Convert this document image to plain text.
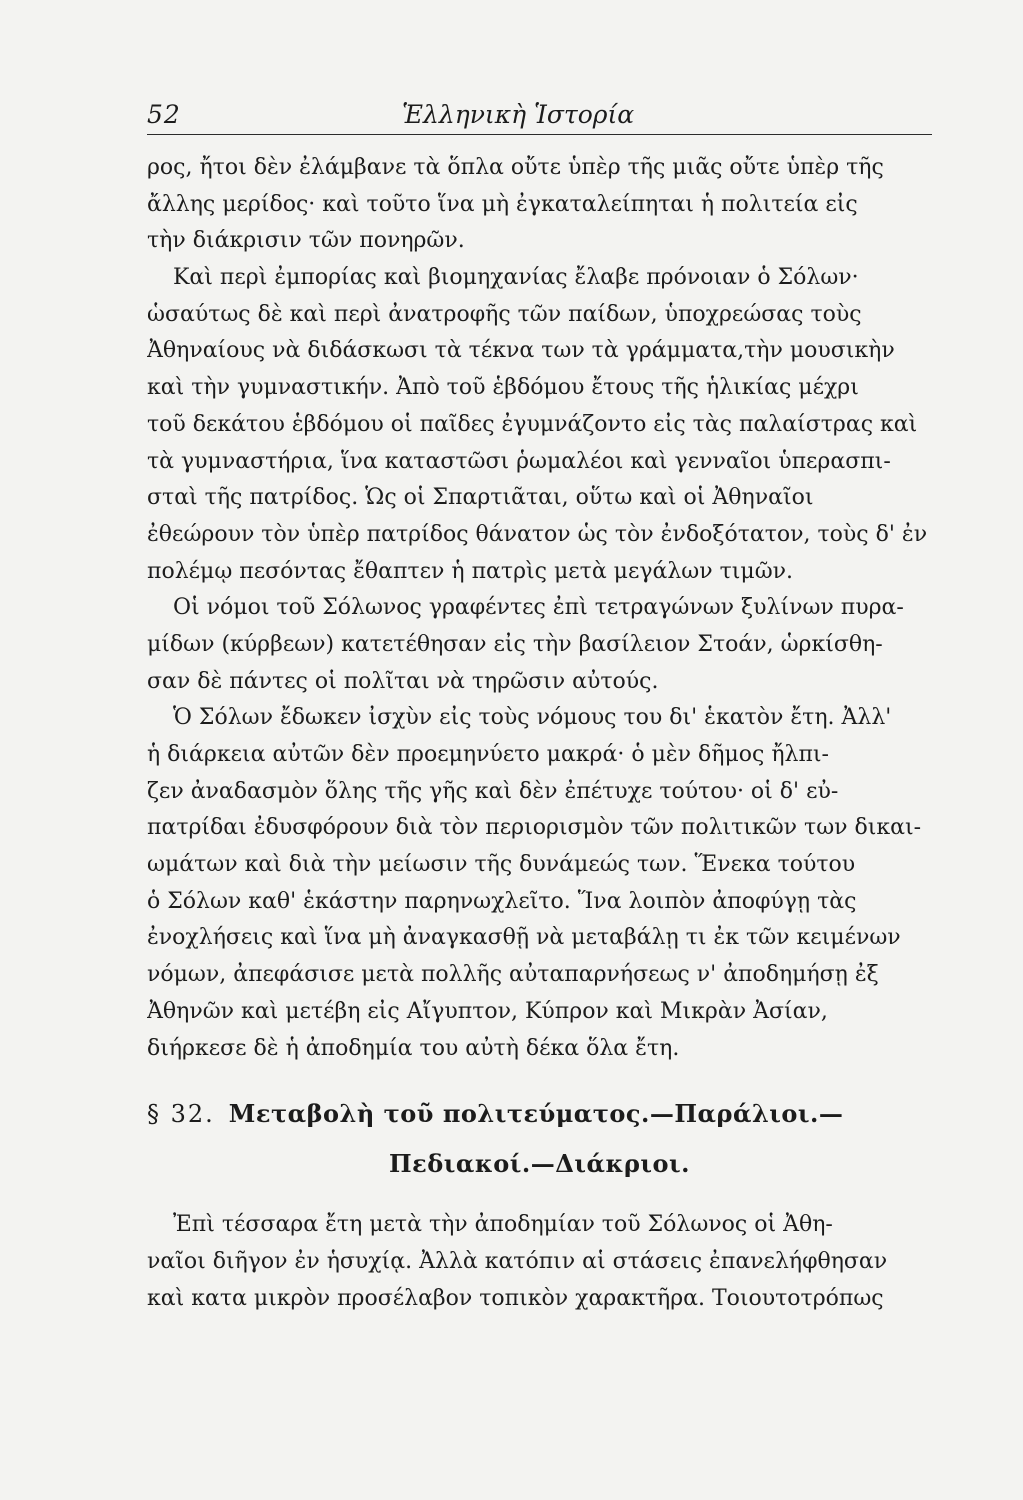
52	Ἑλληνικὴ Ἱστορία
ρος, ἤτοι δὲν ἐλάμβανε τὰ ὅπλα οὔτε ὑπὲρ τῆς μιᾶς οὔτε ὑπὲρ τῆς
ἄλλης μερίδος· καὶ τοῦτο ἵνα μὴ ἐγκαταλείπηται ἡ πολιτεία εἰς
τὴν διάκρισιν τῶν πονηρῶν.
Καὶ περὶ ἐμπορίας καὶ βιομηχανίας ἔλαβε πρόνοιαν ὁ Σόλων·
ὡσαύτως δὲ καὶ περὶ ἀνατροφῆς τῶν παίδων, ὑποχρεώσας τοὺς
Ἀθηναίους νὰ διδάσκωσι τὰ τέκνα των τὰ γράμματα,τὴν μουσικὴν
καὶ τὴν γυμναστικήν. Ἀπὸ τοῦ ἑβδόμου ἔτους τῆς ἡλικίας μέχρι
τοῦ δεκάτου ἑβδόμου οἱ παῖδες ἐγυμνάζοντο εἰς τὰς παλαίστρας καὶ
τὰ γυμναστήρια, ἵνα καταστῶσι ῥωμαλέοι καὶ γενναῖοι ὑπερασπι-
σταὶ τῆς πατρίδος. Ὡς οἱ Σπαρτιᾶται, οὕτω καὶ οἱ Ἀθηναῖοι
ἐθεώρουν τὸν ὑπὲρ πατρίδος θάνατον ὡς τὸν ἐνδοξότατον, τοὺς δ' ἐν
πολέμῳ πεσόντας ἔθαπτεν ἡ πατρὶς μετὰ μεγάλων τιμῶν.
Οἱ νόμοι τοῦ Σόλωνος γραφέντες ἐπὶ τετραγώνων ξυλίνων πυρα-
μίδων (κύρβεων) κατετέθησαν εἰς τὴν βασίλειον Στοάν, ὡρκίσθη-
σαν δὲ πάντες οἱ πολῖται νὰ τηρῶσιν αὐτούς.
Ὁ Σόλων ἔδωκεν ἰσχὺν εἰς τοὺς νόμους του δι' ἑκατὸν ἔτη. Ἀλλ'
ἡ διάρκεια αὐτῶν δὲν προεμηνύετο μακρά· ὁ μὲν δῆμος ἤλπι-
ζεν ἀναδασμὸν ὅλης τῆς γῆς καὶ δὲν ἐπέτυχε τούτου· οἱ δ' εὐ-
πατρίδαι ἐδυσφόρουν διὰ τὸν περιορισμὸν τῶν πολιτικῶν των δικαι-
ωμάτων καὶ διὰ τὴν μείωσιν τῆς δυνάμεώς των. Ἕνεκα τούτου
ὁ Σόλων καθ' ἑκάστην παρηνωχλεῖτο. Ἵνα λοιπὸν ἀποφύγῃ τὰς
ἐνοχλήσεις καὶ ἵνα μὴ ἀναγκασθῇ νὰ μεταβάλῃ τι ἐκ τῶν κειμένων
νόμων, ἀπεφάσισε μετὰ πολλῆς αὐταπαρνήσεως ν' ἀποδημήσῃ ἐξ
Ἀθηνῶν καὶ μετέβη εἰς Αἴγυπτον, Κύπρον καὶ Μικρὰν Ἀσίαν,
διήρκεσε δὲ ἡ ἀποδημία του αὐτὴ δέκα ὅλα ἔτη.
§ 32. Μεταβολὴ τοῦ πολιτεύματος.—Παράλιοι.—
Πεδιακοί.—Διάκριοι.
Ἐπὶ τέσσαρα ἔτη μετὰ τὴν ἀποδημίαν τοῦ Σόλωνος οἱ Ἀθη-
ναῖοι διῆγον ἐν ἡσυχίᾳ. Ἀλλὰ κατόπιν αἱ στάσεις ἐπανελήφθησαν
καὶ κατα μικρὸν προσέλαβον τοπικὸν χαρακτῆρα. Τοιουτοτρόπως
